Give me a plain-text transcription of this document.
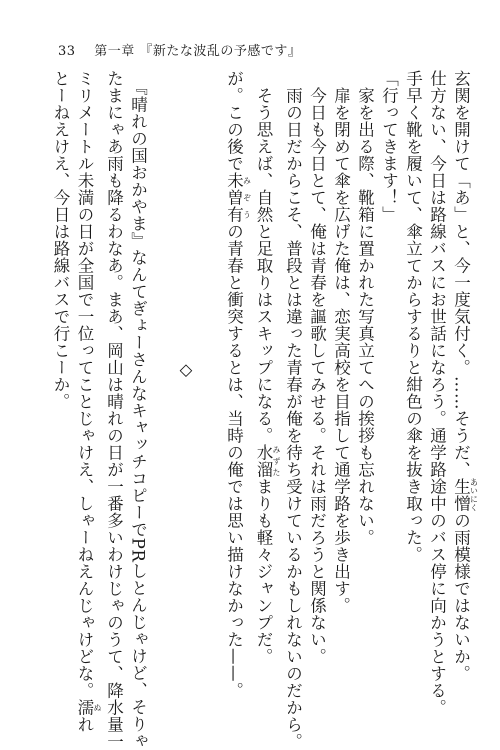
33 第一章 『新たな波乱の予感です』
玄関を開けて「あ」と、今一度気付く。……そうだ、生憎 あいにくの雨模様ではないか。
仕方ない、今日は路線バスにお世話になろう。通学路途中のバス停に向かうとする。
手早く靴を履いて、傘立てからするりと紺色の傘を抜き取った。
「行ってきます！」
　家を出る際、靴箱に置かれた写真立てへの挨拶も忘れない。
　扉を閉めて傘を広げた俺は、恋実高校を目指して通学路を歩き出す。
　今日も今日とて、俺は青春を謳歌してみせる。それは雨だろうと関係ない。
　雨の日だからこそ、普段とは違った青春が俺を待ち受けているかもしれないのだから。
　そう思えば、自然と足取りはスキップになる。水溜 みずたまりも軽々ジャンプだ。
が。この後で未曽有 みぞうの青春と衝突するとは、当時の俺では思い描けなかった——。

◇

　『晴れの国おかやま』なんてぎょーさんなキャッチコピーでPRしとんじゃけど、そりゃ
たまにゃあ雨も降るわなあ。まあ、岡山は晴れの日が一番多いわけじゃのうて、降水量一
ミリメートル未満の日が全国で一位ってことじゃけえ、しゃーねえんじゃけどな。濡 ぬれ
とーねえけえ、今日は路線バスで行こーか。
